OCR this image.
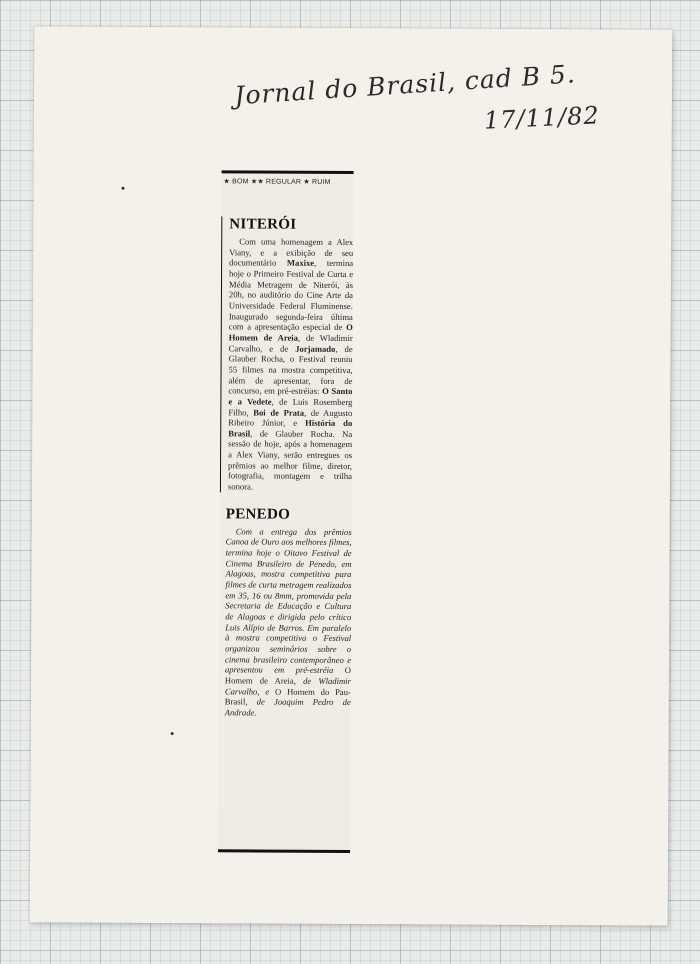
Jornal do Brasil, cad B 5.
17/11/82
★ BOM ★★ REGULAR ★ RUIM
NITERÓI

Com uma homenagem a Alex Viany, e a exibição de seu documentário Maxixe, termina hoje o Primeiro Festival de Curta e Média Metragem de Niterói, às 20h, no auditório do Cine Arte da Universidade Federal Fluminense. Inaugurado segunda-feira última com a apresentação especial de O Homem de Areia, de Wladimir Carvalho, e de Jorjamado, de Glauber Rocha, o Festival reuniu 55 filmes na mostra competitiva, além de apresentar, fora de concurso, em pré-estréias: O Santo e a Vedete, de Luis Rosemberg Filho, Boi de Prata, de Augusto Ribeiro Júnior, e História do Brasil, de Glauber Rocha. Na sessão de hoje, após a homenagem a Alex Viany, serão entregues os prêmios ao melhor filme, diretor, fotografia, montagem e trilha sonora.

PENEDO

Com a entrega dos prêmios Canoa de Ouro aos melhores filmes, termina hoje o Oitavo Festival de Cinema Brasileiro de Penedo, em Alagoas, mostra competitiva para filmes de curta metragem realizados em 35, 16 ou 8mm, promovida pela Secretaria de Educação e Cultura de Alagoas e dirigida pelo crítico Luis Alípio de Barros. Em paralelo à mostra competitiva o Festival organizou seminários sobre o cinema brasileiro contemporâneo e apresentou em pré-estréia O Homem de Areia, de Wladimir Carvalho, e O Homem do Pau-Brasil, de Joaquim Pedro de Andrade.
